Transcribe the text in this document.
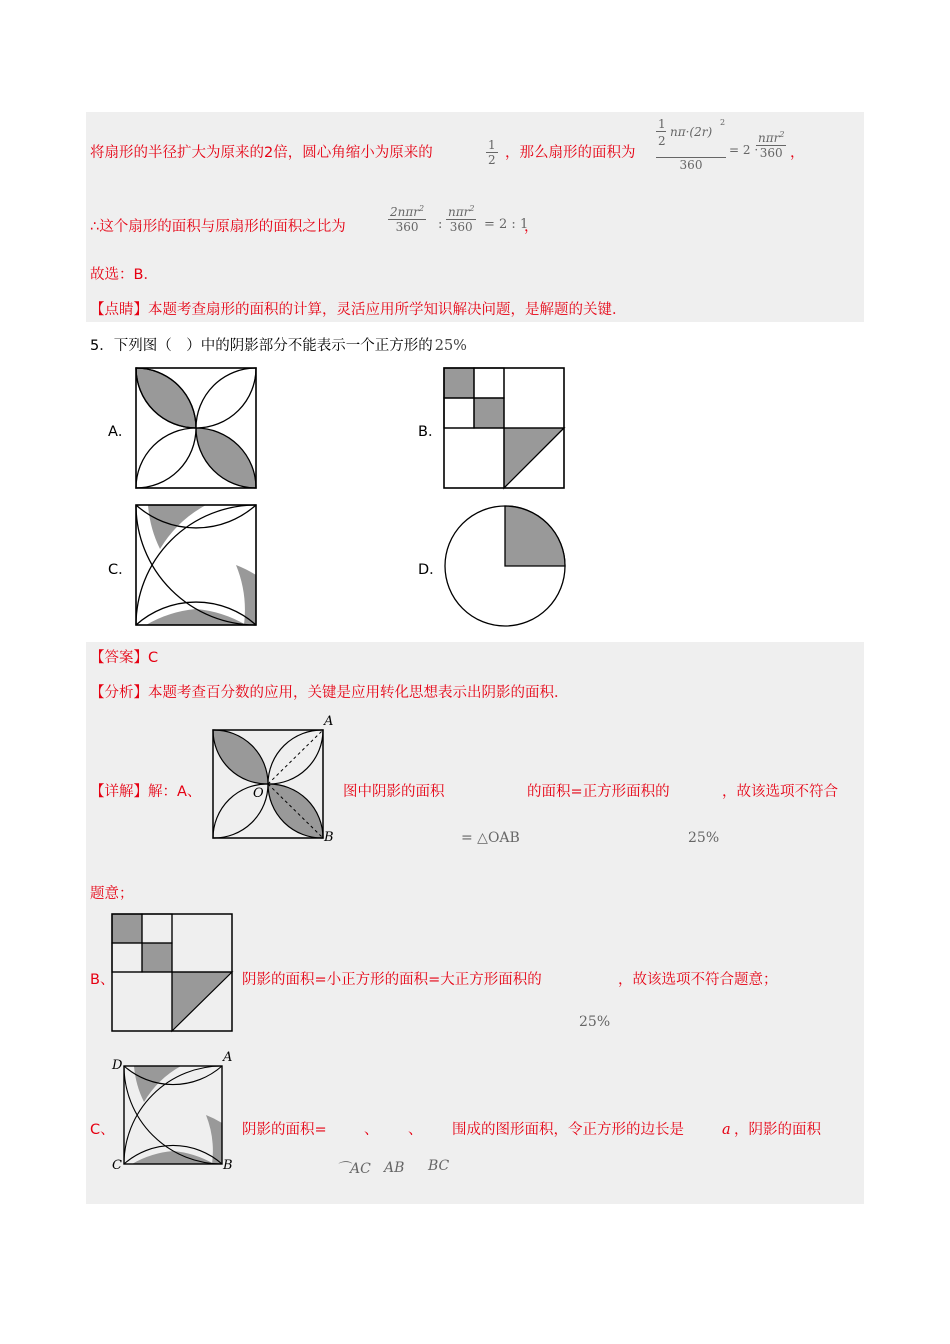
将扇形的半径扩大为原来的2倍，圆心角缩小为原来的	$\frac{1}{2}$ ，那么扇形的面积为
1
2
nπ·(2r)
2
360
= 2 ·
nπr$^2$
360 ，
∴这个扇形的面积与原扇形的面积之比为
2nπr$^2$
360	:
nπr$^2$
360 = 2 : 1
，
故选：B．
【点睛】本题考查扇形的面积的计算，灵活应用所学知识解决问题，是解题的关键．
5．下列图（　）中的阴影部分不能表示一个正方形的 25%
A．	B．
C．	D．
【答案】C
【分析】本题考查百分数的应用，关键是应用转化思想表示出阴影的面积．
【详解】解：A、
A
B
O	图中阴影的面积	的面积=正方形面积的	，故该选项不符合
= △OAB	25%
题意；
B、	阴影的面积=小正方形的面积=大正方形面积的	，故该选项不符合题意；
25%
C、
D
A
C	B
阴影的面积=	、 、 围成的图形面积，令正方形的边长是	a ，阴影的面积
⌒AC AB BC
